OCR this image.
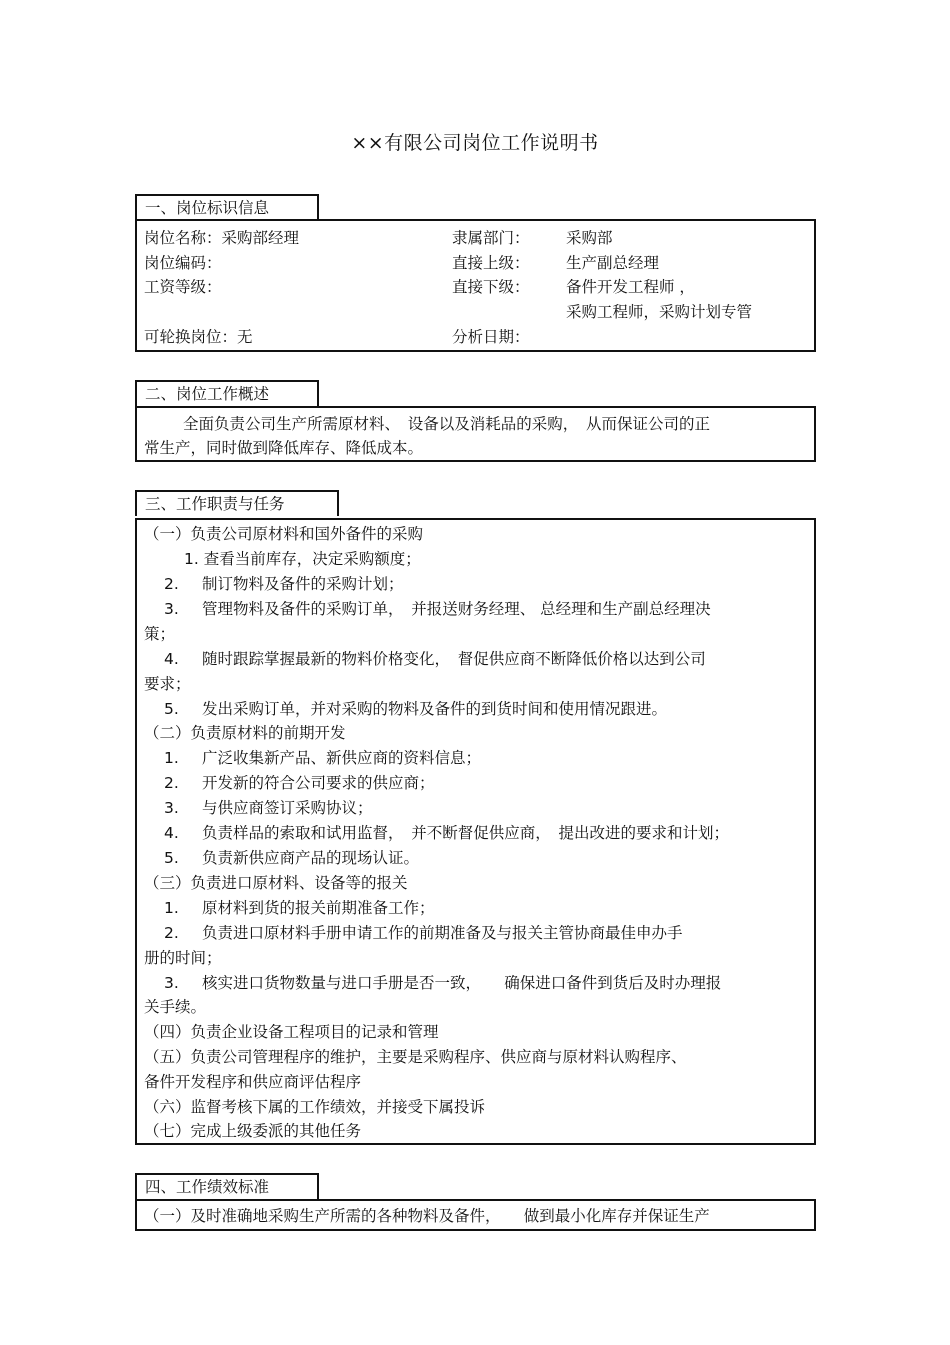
××有限公司岗位工作说明书
一、岗位标识信息
岗位名称：采购部经理	隶属部门： 采购部
岗位编码：	直接上级： 生产副总经理
工资等级：	直接下级： 备件开发工程师 ，
采购工程师，采购计划专管
可轮换岗位：无	分析日期：
二、岗位工作概述
全面负责公司生产所需原材料、　设备以及消耗品的采购，　从而保证公司的正
常生产，同时做到降低库存、降低成本。
三、工作职责与任务
（一）负责公司原材料和国外备件的采购
1. 查看当前库存，决定采购额度；
2. 制订物料及备件的采购计划；
3. 管理物料及备件的采购订单，　并报送财务经理、 总经理和生产副总经理决
策；
4. 随时跟踪掌握最新的物料价格变化，　督促供应商不断降低价格以达到公司
要求；
5. 发出采购订单，并对采购的物料及备件的到货时间和使用情况跟进。
（二）负责原材料的前期开发
1. 广泛收集新产品、新供应商的资料信息；
2. 开发新的符合公司要求的供应商；
3. 与供应商签订采购协议；
4. 负责样品的索取和试用监督，　并不断督促供应商，　提出改进的要求和计划；
5. 负责新供应商产品的现场认证。
（三）负责进口原材料、设备等的报关
1. 原材料到货的报关前期准备工作；
2. 负责进口原材料手册申请工作的前期准备及与报关主管协商最佳申办手
册的时间；
3. 核实进口货物数量与进口手册是否一致，　　确保进口备件到货后及时办理报
关手续。
（四）负责企业设备工程项目的记录和管理
（五）负责公司管理程序的维护，主要是采购程序、供应商与原材料认购程序、
备件开发程序和供应商评估程序
（六）监督考核下属的工作绩效，并接受下属投诉
（七）完成上级委派的其他任务
四、工作绩效标准
（一）及时准确地采购生产所需的各种物料及备件，　　做到最小化库存并保证生产
